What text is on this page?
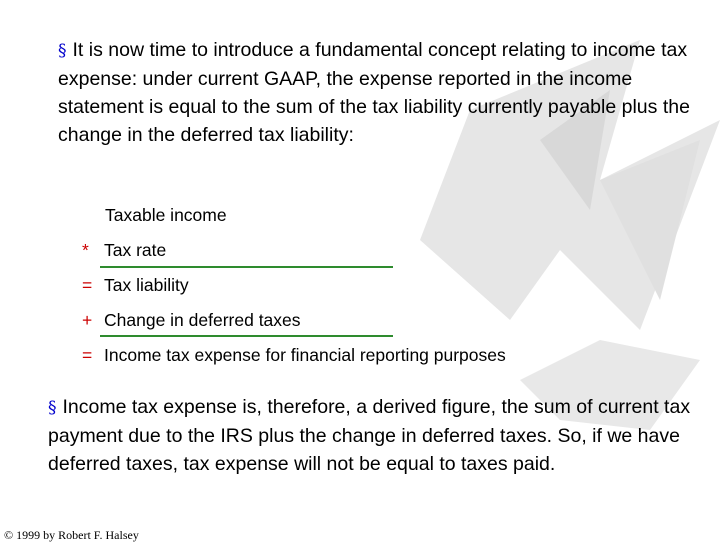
§ It is now time to introduce a fundamental concept relating to income tax expense: under current GAAP, the expense reported in the income statement is equal to the sum of the tax liability currently payable plus the change in the deferred tax liability:
Taxable income
* Tax rate
= Tax liability
+ Change in deferred taxes
= Income tax expense for financial reporting purposes
§ Income tax expense is, therefore, a derived figure, the sum of current tax payment due to the IRS plus the change in deferred taxes. So, if we have deferred taxes, tax expense will not be equal to taxes paid.
© 1999 by Robert F. Halsey
